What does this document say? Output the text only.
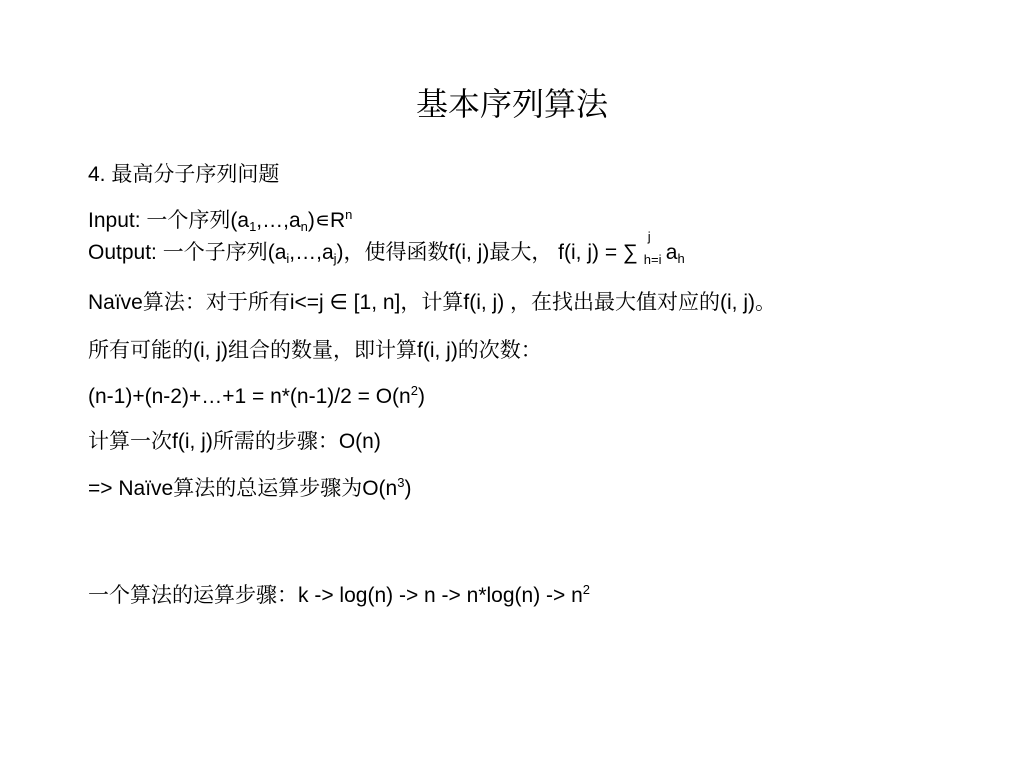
基本序列算法
4. 最高分子序列问题
Input: 一个序列$(a_1,\dots,a_n)∊R^n$
Output: 一个子序列$(a_i,\dots,a_j)$，使得函数f(i, j)最大， f(i, j) = ∑
j
h=i $a_h$
Naïve算法：对于所有i<=j ∈ [1, n]，计算f(i, j) ，在找出最大值对应的(i, j)。
所有可能的(i, j)组合的数量，即计算f(i, j)的次数：
(n-1)+(n-2)+…+1 = $n*(n-1)/2 = O(n^2)$
计算一次f(i, j)所需的步骤：O(n)
=> Naïve算法的总运算步骤为$O(n^3)$
一个算法的运算步骤：$k -> \log(n) -> n -> n*\log(n) -> n^2$
